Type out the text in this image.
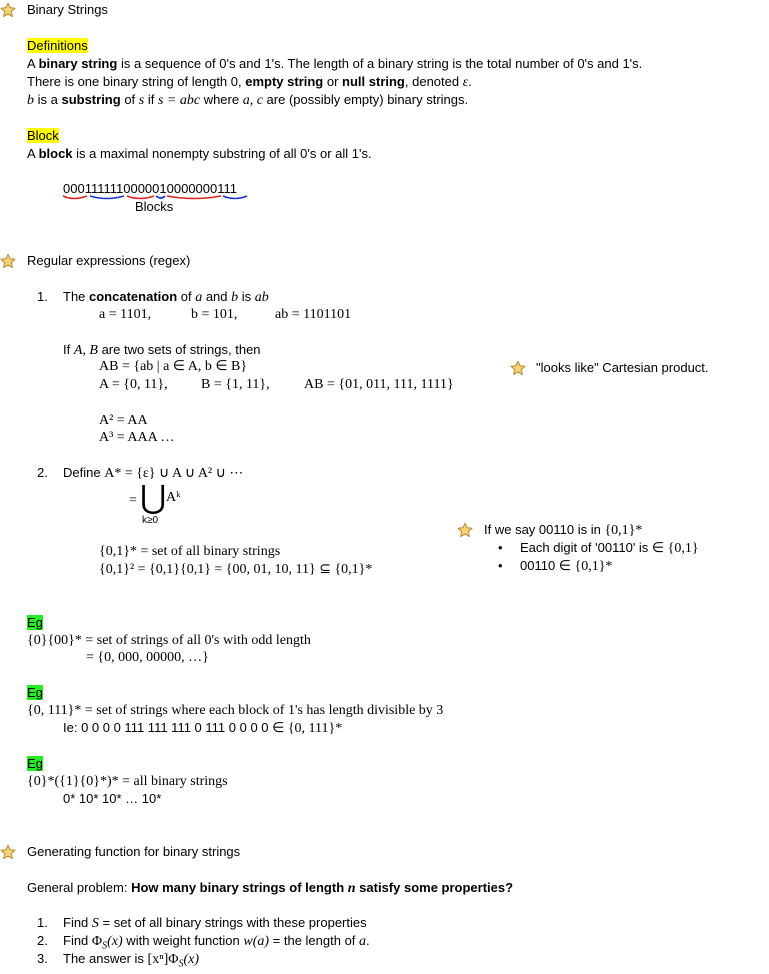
Binary Strings
Definitions
A binary string is a sequence of 0's and 1's. The length of a binary string is the total number of 0's and 1's.
There is one binary string of length 0, empty string or null string, denoted ε.
b is a substring of s if s = abc where a, c are (possibly empty) binary strings.
Block
A block is a maximal nonempty substring of all 0's or all 1's.
0001111110000010000000111
Blocks
Regular expressions (regex)
1. The concatenation of a and b is ab
a = 1101,	b = 101,	ab = 1101101
If A, B are two sets of strings, then
AB = {ab | a ∈ A, b ∈ B}
A = {0, 11}, B = {1, 11}, AB = {01, 011, 111, 1111}
"looks like" Cartesian product.
A² = AA
A³ = AAA …
2. Define A* = {ε} ∪ A ∪ A² ∪ ⋯
= ⋃ Aᵏ
k≥0
{0,1}* = set of all binary strings
{0,1}² = {0,1}{0,1} = {00, 01, 10, 11} ⊆ {0,1}*
If we say 00110 is in {0,1}*
• Each digit of '00110' is ∈ {0,1}
• 00110 ∈ {0,1}*
Eg
{0}{00}* = set of strings of all 0's with odd length
= {0, 000, 00000, …}
Eg
{0, 111}* = set of strings where each block of 1's has length divisible by 3
Ie: 0 0 0 0 111 111 111 0 111 0 0 0 0 ∈ {0, 111}*
Eg
{0}*({1}{0}*)* = all binary strings
0* 10* 10* … 10*
Generating function for binary strings
General problem: How many binary strings of length n satisfy some properties?
1. Find S = set of all binary strings with these properties
2. Find $\Phi_S(x)$ with weight function w(a) = the length of a.
3. The answer is $[x^n]\Phi_S(x)$
